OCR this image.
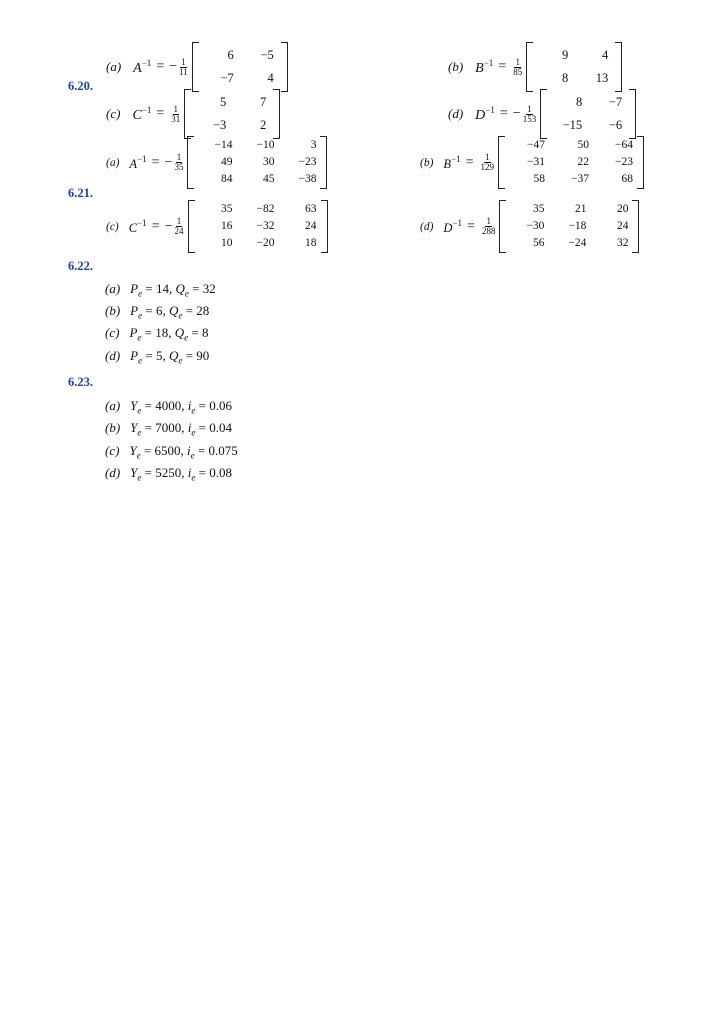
6.20.
(a) $A^{-1}$ = − $\frac{1}{11}$
6	−5
−7	4
(b) $B^{-1} = \frac{1}{85}$
9	4
8	13
(c) $C^{-1} = \frac{1}{31}$
5	7
−3	2
(d) $D^{-1}$ = − $\frac{1}{153}$
8	−7
−15	−6
6.21.
(a) $A^{-1}$ = − $\frac{1}{35}$
−14	−10	3
49	30	−23
84	45	−38
(b) $B^{-1} = \frac{1}{129}$
−47	50	−64
−31	22	−23
58	−37	68
(c) $C^{-1}$ = − $\frac{1}{24}$
35	−82	63
16	−32	24
10	−20	18
(d) $D^{-1} = \frac{1}{288}$
35	21	20
−30	−18	24
56	−24	32
6.22.
(a) $P_e = 14$, $Q_e = 32$
(b) $P_e = 6$, $Q_e = 28$
(c) $P_e = 18$, $Q_e = 8$
(d) $P_e = 5$, $Q_e = 90$
6.23.
(a) $Y_e = 4000$, $i_e = 0.06$
(b) $Y_e = 7000$, $i_e = 0.04$
(c) $Y_e = 6500$, $i_e = 0.075$
(d) $Y_e = 5250$, $i_e = 0.08$
